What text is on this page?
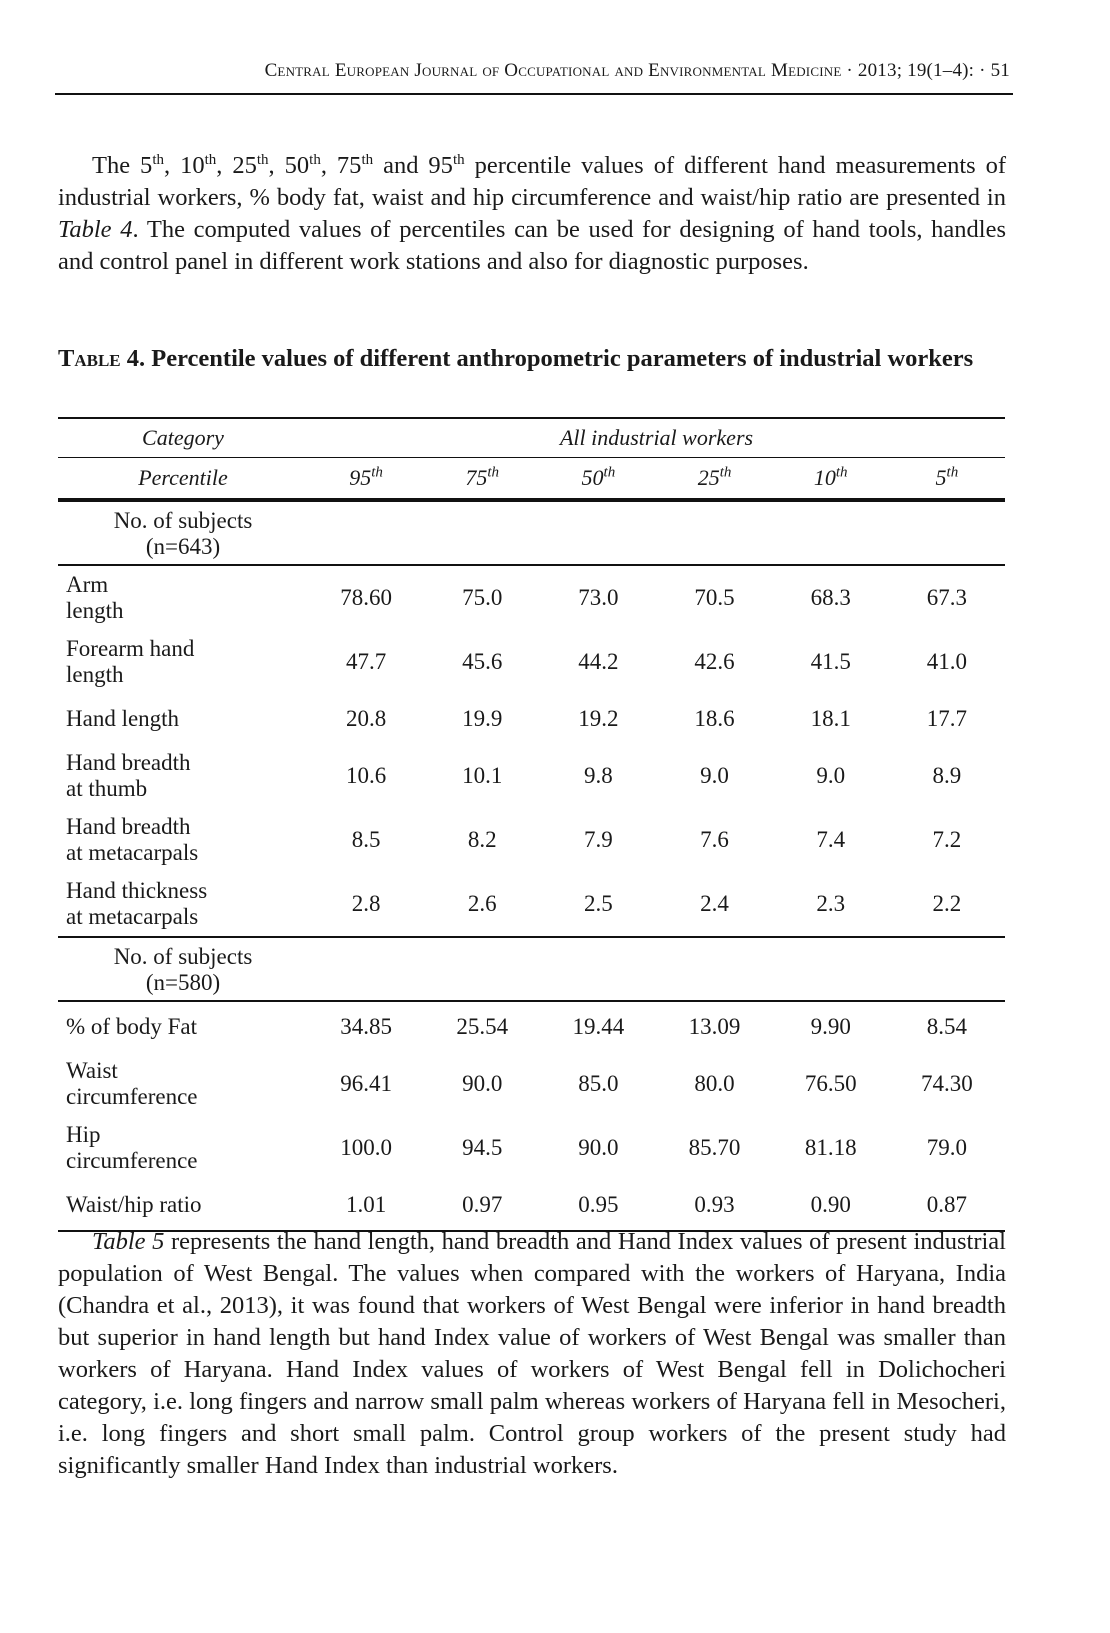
Central European Journal of Occupational and Environmental Medicine · 2013; 19(1–4): · 51
The 5th, 10th, 25th, 50th, 75th and 95th percentile values of different hand measurements of industrial workers, % body fat, waist and hip circumference and waist/hip ratio are presented in Table 4. The computed values of percentiles can be used for designing of hand tools, handles and control panel in different work stations and also for diagnostic purposes.
Table 4. Percentile values of different anthropometric parameters of industrial workers
Category	All industrial workers					
Percentile	95th	75th	50th	25th	10th	5th
No. of subjects
(n=643)						
Arm
length	78.60	75.0	73.0	70.5	68.3	67.3
Forearm hand
length	47.7	45.6	44.2	42.6	41.5	41.0
Hand length	20.8	19.9	19.2	18.6	18.1	17.7
Hand breadth
at thumb	10.6	10.1	9.8	9.0	9.0	8.9
Hand breadth
at metacarpals	8.5	8.2	7.9	7.6	7.4	7.2
Hand thickness
at metacarpals	2.8	2.6	2.5	2.4	2.3	2.2
No. of subjects
(n=580)						
% of body Fat	34.85	25.54	19.44	13.09	9.90	8.54
Waist
circumference	96.41	90.0	85.0	80.0	76.50	74.30
Hip
circumference	100.0	94.5	90.0	85.70	81.18	79.0
Waist/hip ratio	1.01	0.97	0.95	0.93	0.90	0.87
Table 5 represents the hand length, hand breadth and Hand Index values of present industrial population of West Bengal. The values when compared with the workers of Haryana, India (Chandra et al., 2013), it was found that workers of West Bengal were inferior in hand breadth but superior in hand length but hand Index value of workers of West Bengal was smaller than workers of Haryana. Hand Index values of workers of West Bengal fell in Dolichocheri category, i.e. long fingers and narrow small palm whereas workers of Haryana fell in Mesocheri, i.e. long fingers and short small palm. Control group workers of the present study had significantly smaller Hand Index than industrial workers.
